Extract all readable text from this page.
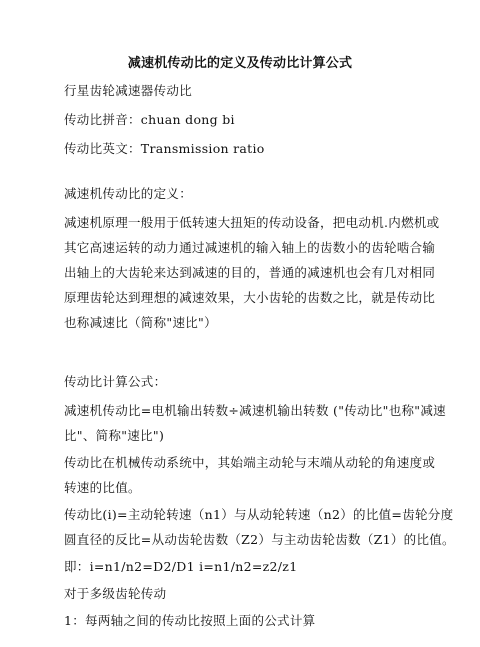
减速机传动比的定义及传动比计算公式
行星齿轮减速器传动比
传动比拼音：chuan dong bi
传动比英文：Transmission ratio
减速机传动比的定义：
减速机原理一般用于低转速大扭矩的传动设备，把电动机.内燃机或
其它高速运转的动力通过减速机的输入轴上的齿数小的齿轮啮合输
出轴上的大齿轮来达到减速的目的，普通的减速机也会有几对相同
原理齿轮达到理想的减速效果，大小齿轮的齿数之比，就是传动比
也称减速比（简称"速比"）
传动比计算公式：
减速机传动比=电机输出转数÷减速机输出转数 ("传动比"也称"减速
比"、简称"速比")
传动比在机械传动系统中，其始端主动轮与末端从动轮的角速度或
转速的比值。
传动比(i)=主动轮转速（n1）与从动轮转速（n2）的比值=齿轮分度
圆直径的反比=从动齿轮齿数（Z2）与主动齿轮齿数（Z1）的比值。
即：i=n1/n2=D2/D1 i=n1/n2=z2/z1
对于多级齿轮传动
1：每两轴之间的传动比按照上面的公式计算
